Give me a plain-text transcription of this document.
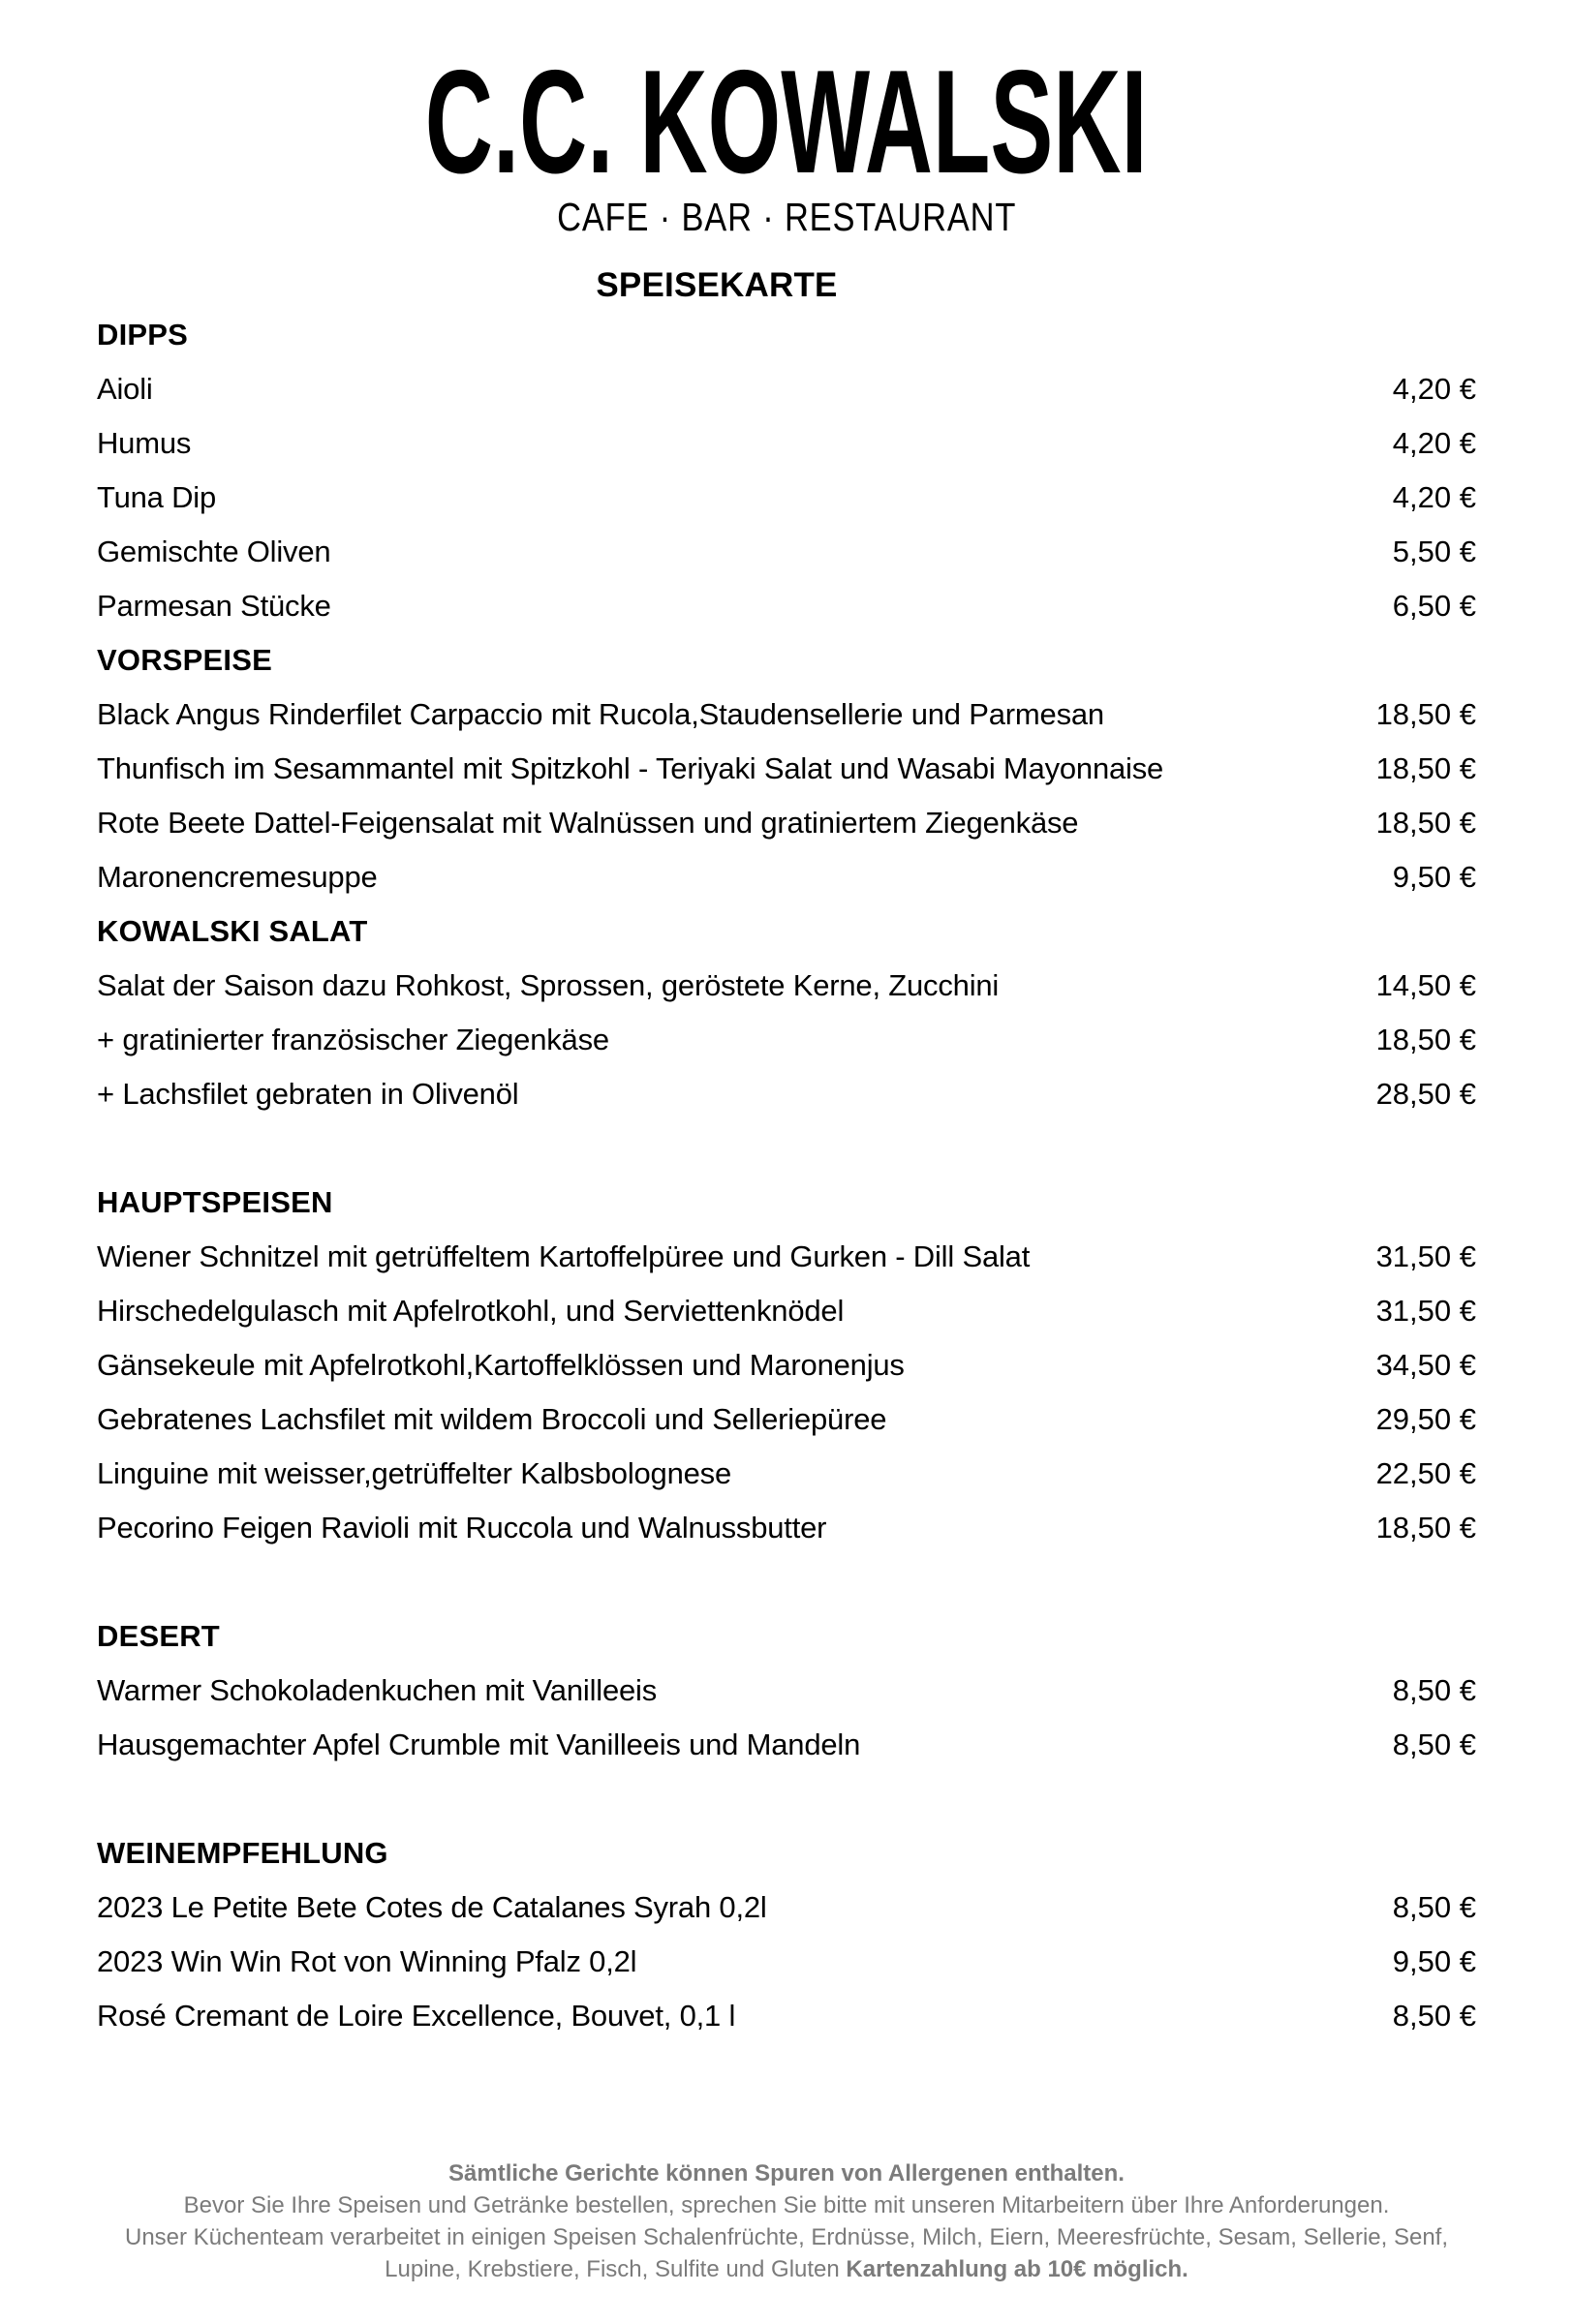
C.C. KOWALSKI
CAFE · BAR · RESTAURANT
SPEISEKARTE
DIPPS
Aioli	4,20 €
Humus	4,20 €
Tuna Dip	4,20 €
Gemischte Oliven	5,50 €
Parmesan Stücke	6,50 €
VORSPEISE
Black Angus Rinderfilet Carpaccio mit Rucola,Staudensellerie und Parmesan	18,50 €
Thunfisch im Sesammantel mit Spitzkohl - Teriyaki Salat und Wasabi Mayonnaise	18,50 €
Rote Beete Dattel-Feigensalat mit Walnüssen und gratiniertem Ziegenkäse	18,50 €
Maronencremesuppe	9,50 €
KOWALSKI SALAT
Salat der Saison dazu Rohkost, Sprossen, geröstete Kerne, Zucchini	14,50 €
+ gratinierter französischer Ziegenkäse	18,50 €
+ Lachsfilet gebraten in Olivenöl	28,50 €
HAUPTSPEISEN
Wiener Schnitzel mit getrüffeltem Kartoffelpüree und Gurken - Dill Salat	31,50 €
Hirschedelgulasch mit Apfelrotkohl, und Serviettenknödel	31,50 €
Gänsekeule mit Apfelrotkohl,Kartoffelklössen und Maronenjus	34,50 €
Gebratenes Lachsfilet mit wildem Broccoli und Selleriepüree	29,50 €
Linguine mit weisser,getrüffelter Kalbsbolognese	22,50 €
Pecorino Feigen Ravioli mit Ruccola und Walnussbutter	18,50 €
DESERT
Warmer Schokoladenkuchen mit Vanilleeis	8,50 €
Hausgemachter Apfel Crumble mit Vanilleeis und Mandeln	8,50 €
WEINEMPFEHLUNG
2023 Le Petite Bete Cotes de Catalanes Syrah 0,2l	8,50 €
2023 Win Win Rot von Winning Pfalz 0,2l	9,50 €
Rosé Cremant de Loire Excellence, Bouvet, 0,1 l	8,50 €

Sämtliche Gerichte können Spuren von Allergenen enthalten.

Bevor Sie Ihre Speisen und Getränke bestellen, sprechen Sie bitte mit unseren Mitarbeitern über Ihre Anforderungen.

Unser Küchenteam verarbeitet in einigen Speisen Schalenfrüchte, Erdnüsse, Milch, Eiern, Meeresfrüchte, Sesam, Sellerie, Senf,

Lupine, Krebstiere, Fisch, Sulfite und Gluten Kartenzahlung ab 10€ möglich.
